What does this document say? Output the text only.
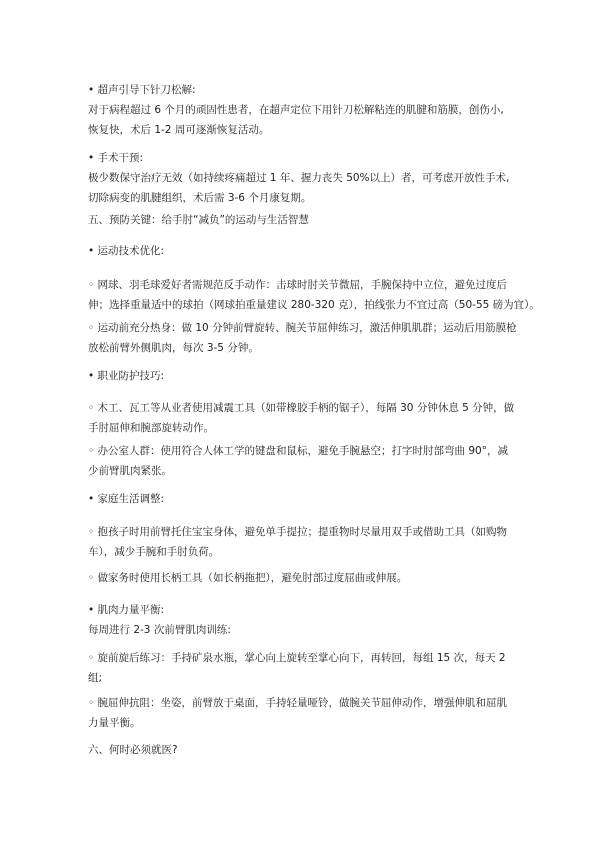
• 超声引导下针刀松解:
对于病程超过 6 个月的顽固性患者，在超声定位下用针刀松解粘连的肌腱和筋膜，创伤小,
恢复快，术后 1-2 周可逐渐恢复活动。
• 手术干预:
极少数保守治疗无效（如持续疼痛超过 1 年、握力丧失 50%以上）者，可考虑开放性手术,
切除病变的肌腱组织，术后需 3-6 个月康复期。
五、预防关键：给手肘“减负”的运动与生活智慧
• 运动技术优化:
◦ 网球、羽毛球爱好者需规范反手动作：击球时肘关节微屈，手腕保持中立位，避免过度后
伸；选择重量适中的球拍（网球拍重量建议 280-320 克），拍线张力不宜过高（50-55 磅为宜）。
◦ 运动前充分热身：做 10 分钟前臂旋转、腕关节屈伸练习，激活伸肌肌群；运动后用筋膜枪
放松前臂外侧肌肉，每次 3-5 分钟。
• 职业防护技巧:
◦ 木工、瓦工等从业者使用减震工具（如带橡胶手柄的锯子），每隔 30 分钟休息 5 分钟，做
手肘屈伸和腕部旋转动作。
◦ 办公室人群：使用符合人体工学的键盘和鼠标，避免手腕悬空；打字时肘部弯曲 90°，减
少前臂肌肉紧张。
• 家庭生活调整:
◦ 抱孩子时用前臂托住宝宝身体，避免单手提拉；提重物时尽量用双手或借助工具（如购物
车），减少手腕和手肘负荷。
◦ 做家务时使用长柄工具（如长柄拖把），避免肘部过度屈曲或伸展。
• 肌肉力量平衡:
每周进行 2-3 次前臂肌肉训练:
◦ 旋前旋后练习：手持矿泉水瓶，掌心向上旋转至掌心向下，再转回，每组 15 次，每天 2
组;
◦ 腕屈伸抗阻：坐姿，前臂放于桌面，手持轻量哑铃，做腕关节屈伸动作，增强伸肌和屈肌
力量平衡。
六、何时必须就医?
